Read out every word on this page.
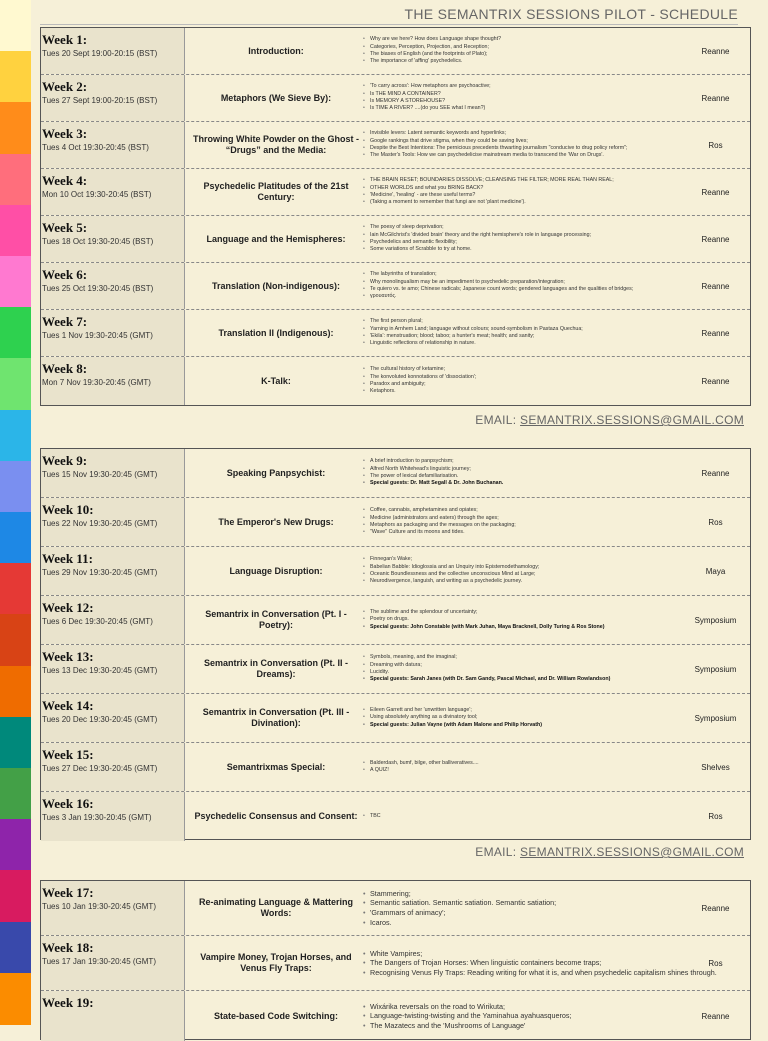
THE SEMANTRIX SESSIONS PILOT - SCHEDULE
Week 1:
Tues 20 Sept 19:00-20:15 (BST)	Introduction:
• Why are we here? How does Language shape thought?
• Categories, Perception, Projection, and Reception;
• The biases of English (and the footprints of Plato);
• The importance of 'affing' psychedelics.
Reanne
Week 2:
Tues 27 Sept 19:00-20:15 (BST)	Metaphors (We Sieve By):
• 'To carry across': How metaphors are psychoactive;
• Is THE MIND A CONTAINER?
• Is MEMORY A STOREHOUSE?
• Is TIME A RIVER? ....(do you SEE what I mean?)
Reanne
Week 3:
Tues 4 Oct 19:30-20:45 (BST)
Throwing White Powder on the Ghost - “Drugs” and the Media:
• Invisible levers: Latent semantic keywords and hyperlinks;
• Google rankings that drive stigma, when they could be saving lives;
• Despite the Best Intentions: The pernicious precedents thwarting journalism "conducive to drug policy reform";
• The Master's Tools: How we can psychedelicise mainstream media to transcend the 'War on Drugs'.
Ros
Week 4:
Mon 10 Oct 19:30-20:45 (BST)
Psychedelic Platitudes of the 21st Century:
• THE BRAIN RESET; BOUNDARIES DISSOLVE; CLEANSING THE FILTER; MORE REAL THAN REAL;
• OTHER WORLDS and what you BRING BACK?
• 'Medicine', 'healing' - are these useful terms?
• (Taking a moment to remember that fungi are not 'plant medicine').
Reanne
Week 5:
Tues 18 Oct 19:30-20:45 (BST)	Language and the Hemispheres:
• The poesy of sleep deprivation;
• Iain McGilchrist's 'divided brain' theory and the right hemisphere's role in language processing;
• Psychedelics and semantic flexibility;
• Some variations of Scrabble to try at home.
Reanne
Week 6:
Tues 25 Oct 19:30-20:45 (BST)	Translation (Non-indigenous):
• The labyrinths of translation;
• Why monolingualism may be an impediment to psychedelic preparation/integration;
• Te quiero vs. te amo; Chinese radicals; Japanese count words; gendered languages and the qualities of bridges;
• γρουαυτός.
Reanne
Week 7:
Tues 1 Nov 19:30-20:45 (GMT)	Translation II (Indigenous):
• The first person plural;
• Yarning in Arnhem Land; language without colours; sound-symbolism in Pastaza Quechua;
• 'Ekila': menstruation; blood; taboo; a hunter's meat; health; and sanity;
• Linguistic reflections of relationship in nature.
Reanne
Week 8:
Mon 7 Nov 19:30-20:45 (GMT)	K-Talk:
• The cultural history of ketamine;
• The konvoluted konnotations of 'dissociation';
• Paradox and ambiguity;
• Ketaphors.
Reanne
EMAIL: SEMANTRIX.SESSIONS@GMAIL.COM
Week 9:
Tues 15 Nov 19:30-20:45 (GMT)	Speaking Panpsychist:
• A brief introduction to panpsychism;
• Alfred North Whitehead's linguistic journey;
• The power of lexical defamiliarisation.
• Special guests: Dr. Matt Segall & Dr. John Buchanan.
Reanne
Week 10:
Tues 22 Nov 19:30-20:45 (GMT)	The Emperor's New Drugs:
• Coffee, cannabis, amphetamines and opiates;
• Medicine (administrators and eaters) through the ages;
• Metaphors as packaging and the messages on the packaging;
• "Wave" Culture and its moons and tides.
Ros
Week 11:
Tues 29 Nov 19:30-20:45 (GMT)	Language Disruption:
• Finnegan's Wake;
• Babelian Babble: Idioglossia and an Unquiry into Epistemodethamology;
• Oceanic Boundlessness and the collective unconscious Mind at Large;
• Neurodivergence, languish, and writing as a psychedelic journey.
Maya
Week 12:
Tues 6 Dec 19:30-20:45 (GMT)
Semantrix in Conversation (Pt. I - Poetry):
• The sublime and the splendour of uncertainty;
• Poetry on drugs.
• Special guests: John Constable (with Mark Juhan, Maya Bracknell, Dolly Turing & Ros Stone)
Symposium
Week 13:
Tues 13 Dec 19:30-20:45 (GMT)
Semantrix in Conversation (Pt. II - Dreams):
• Symbols, meaning, and the imaginal;
• Dreaming with datura;
• Lucidity.
• Special guests: Sarah Janes (with Dr. Sam Gandy, Pascal Michael, and Dr. William Rowlandson)
Symposium
Week 14:
Tues 20 Dec 19:30-20:45 (GMT)
Semantrix in Conversation (Pt. III - Divination):
• Eileen Garrett and her 'unwritten language';
• Using absolutely anything as a divinatory tool;
• Special guests: Julian Vayne (with Adam Malone and Philip Horvath)
Symposium
Week 15:
Tues 27 Dec 19:30-20:45 (GMT)	Semantrixmas Special:	• Balderdash, bumf, bilge, other balliveratives....
• A QUIZ!	Shelves
Week 16:
Tues 3 Jan 19:30-20:45 (GMT)	Psychedelic Consensus and Consent:	• TBC	Ros
EMAIL: SEMANTRIX.SESSIONS@GMAIL.COM
Week 17:
Tues 10 Jan 19:30-20:45 (GMT)	Re-animating Language & Mattering Words:
• Stammering;
• Semantic satiation. Semantic satiation. Semantic satiation;
• 'Grammars of animacy';
• Icaros.
Reanne
Week 18:
Tues 17 Jan 19:30-20:45 (GMT)	Vampire Money, Trojan Horses, and Venus Fly Traps:
• White Vampires;
• The Dangers of Trojan Horses: When linguistic containers become traps;
• Recognising Venus Fly Traps: Reading writing for what it is, and when psychedelic capitalism shines through.
Ros
Week 19:
State-based Code Switching:
• Wixárika reversals on the road to Wirikuta;
• Language-twisting-twisting and the Yaminahua ayahuasqueros;
• The Mazatecs and the 'Mushrooms of Language'
Reanne
